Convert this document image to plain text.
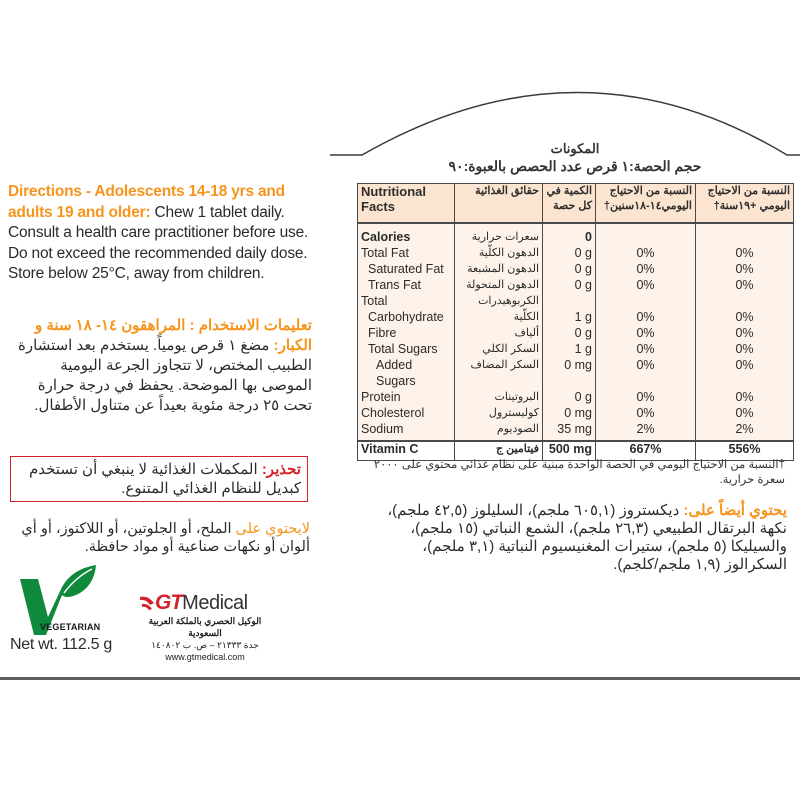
Directions - Adolescents 14-18 yrs and adults 19 and older: Chew 1 tablet daily. Consult a health care practitioner before use. Do not exceed the recommended daily dose. Store below 25°C, away from children.
تعليمات الاستخدام : المراهقون ١٤- ١٨ سنة و الكبار: مضغ ١ قرص يومياً. يستخدم بعد استشارة الطبيب المختص، لا تتجاوز الجرعة اليومية الموصى بها الموضحة. يحفظ في درجة حرارة تحت ٢٥ درجة مئوية بعيداً عن متناول الأطفال.
تحذير: المكملات الغذائية لا ينبغي أن تستخدم كبديل للنظام الغذائي المتنوع.
لايحتوي على الملح، أو الجلوتين، أو اللاكتوز، أو أي ألوان أو نكهات صناعية أو مواد حافظة.
VEGETARIAN
Net wt. 112.5 g
GT Medical
الوكيل الحصري بالملكة العربية السعودية
جدة ٢١٣٣٣ – ص. ب ١٤٠٨٠٢
www.gtmedical.com
المكونات
حجم الحصة:١ قرص عدد الحصص بالعبوة:٩٠
Nutritional Facts	حقائق الغذائية	الكمية في كل حصة	النسبة من الاحتياج اليومي١٤-١٨سنين†	النسبة من الاحتياج اليومي +١٩سنة†
Calories	سعرات حرارية	0		
Total Fat	الدهون الكلّية	0 g	0%	0%
Saturated Fat	الدهون المشبعة	0 g	0%	0%
Trans Fat	الدهون المتحولة	0 g	0%	0%
Total	الكربوهيدرات			
Carbohydrate	الكلّية	1 g	0%	0%
Fibre	ألياف	0 g	0%	0%
Total Sugars	السكر الكلي	1 g	0%	0%
Added Sugars	السكر المضاف	0 mg	0%	0%
Protein	البروتينات	0 g	0%	0%
Cholesterol	كوليسترول	0 mg	0%	0%
Sodium	الصوديوم	35 mg	2%	2%
Vitamin C	فيتامين ج	500 mg	667%	556%
†النسبة من الاحتياج اليومي في الحصة الواحدة مبنية على نظام غذائي محتوي على ٢٠٠٠ سعرة حرارية.
يحتوي أيضاً على: ديكستروز (٦٠٥,١ ملجم)، السليلوز (٤٢,٥ ملجم)، نكهة البرتقال الطبيعي (٢٦,٣ ملجم)، الشمع النباتي (١٥ ملجم)، والسيليكا (٥ ملجم)، ستيرات المغنيسيوم النباتية (٣,١ ملجم)، السكرالوز (١,٩ ملجم/كلجم).
